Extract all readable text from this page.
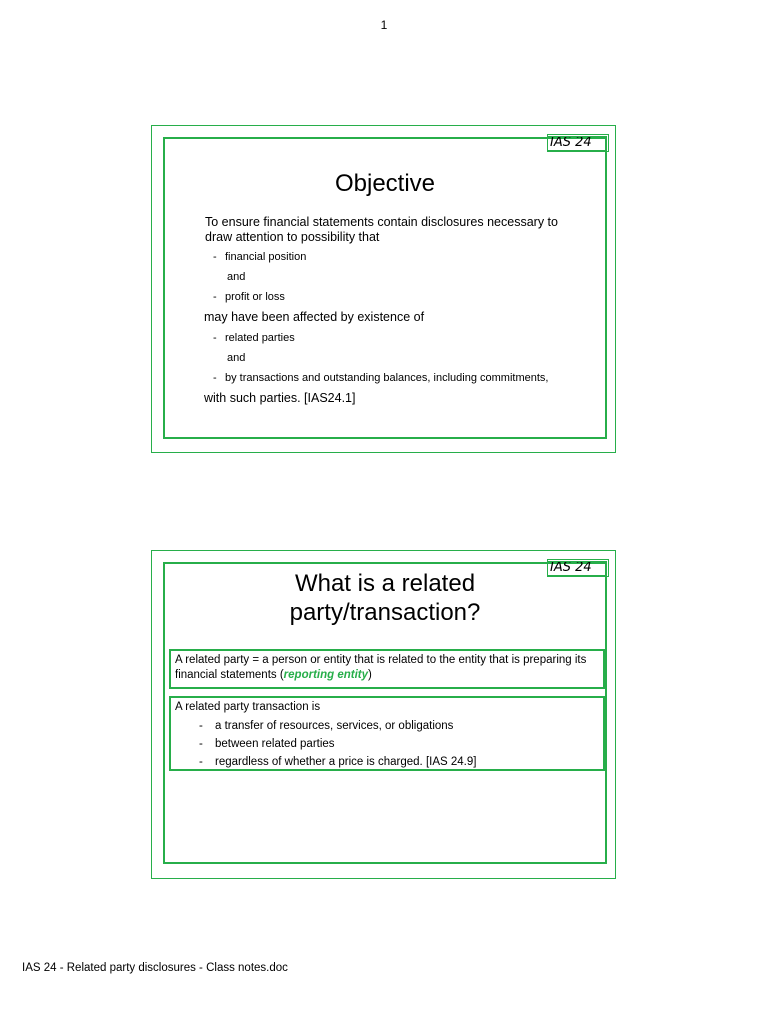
1
IAS 24
Objective
To ensure financial statements contain disclosures necessary to
draw attention to possibility that
- financial position
and
- profit or loss
may have been affected by existence of
- related parties
and
- by transactions and outstanding balances, including commitments,
with such parties. [IAS24.1]
IAS 24
What is a related
party/transaction?
A related party = a person or entity that is related to the entity that is preparing its financial statements (reporting entity)
A related party transaction is
- a transfer of resources, services, or obligations
- between related parties
- regardless of whether a price is charged. [IAS 24.9]
IAS 24 - Related party disclosures - Class notes.doc
